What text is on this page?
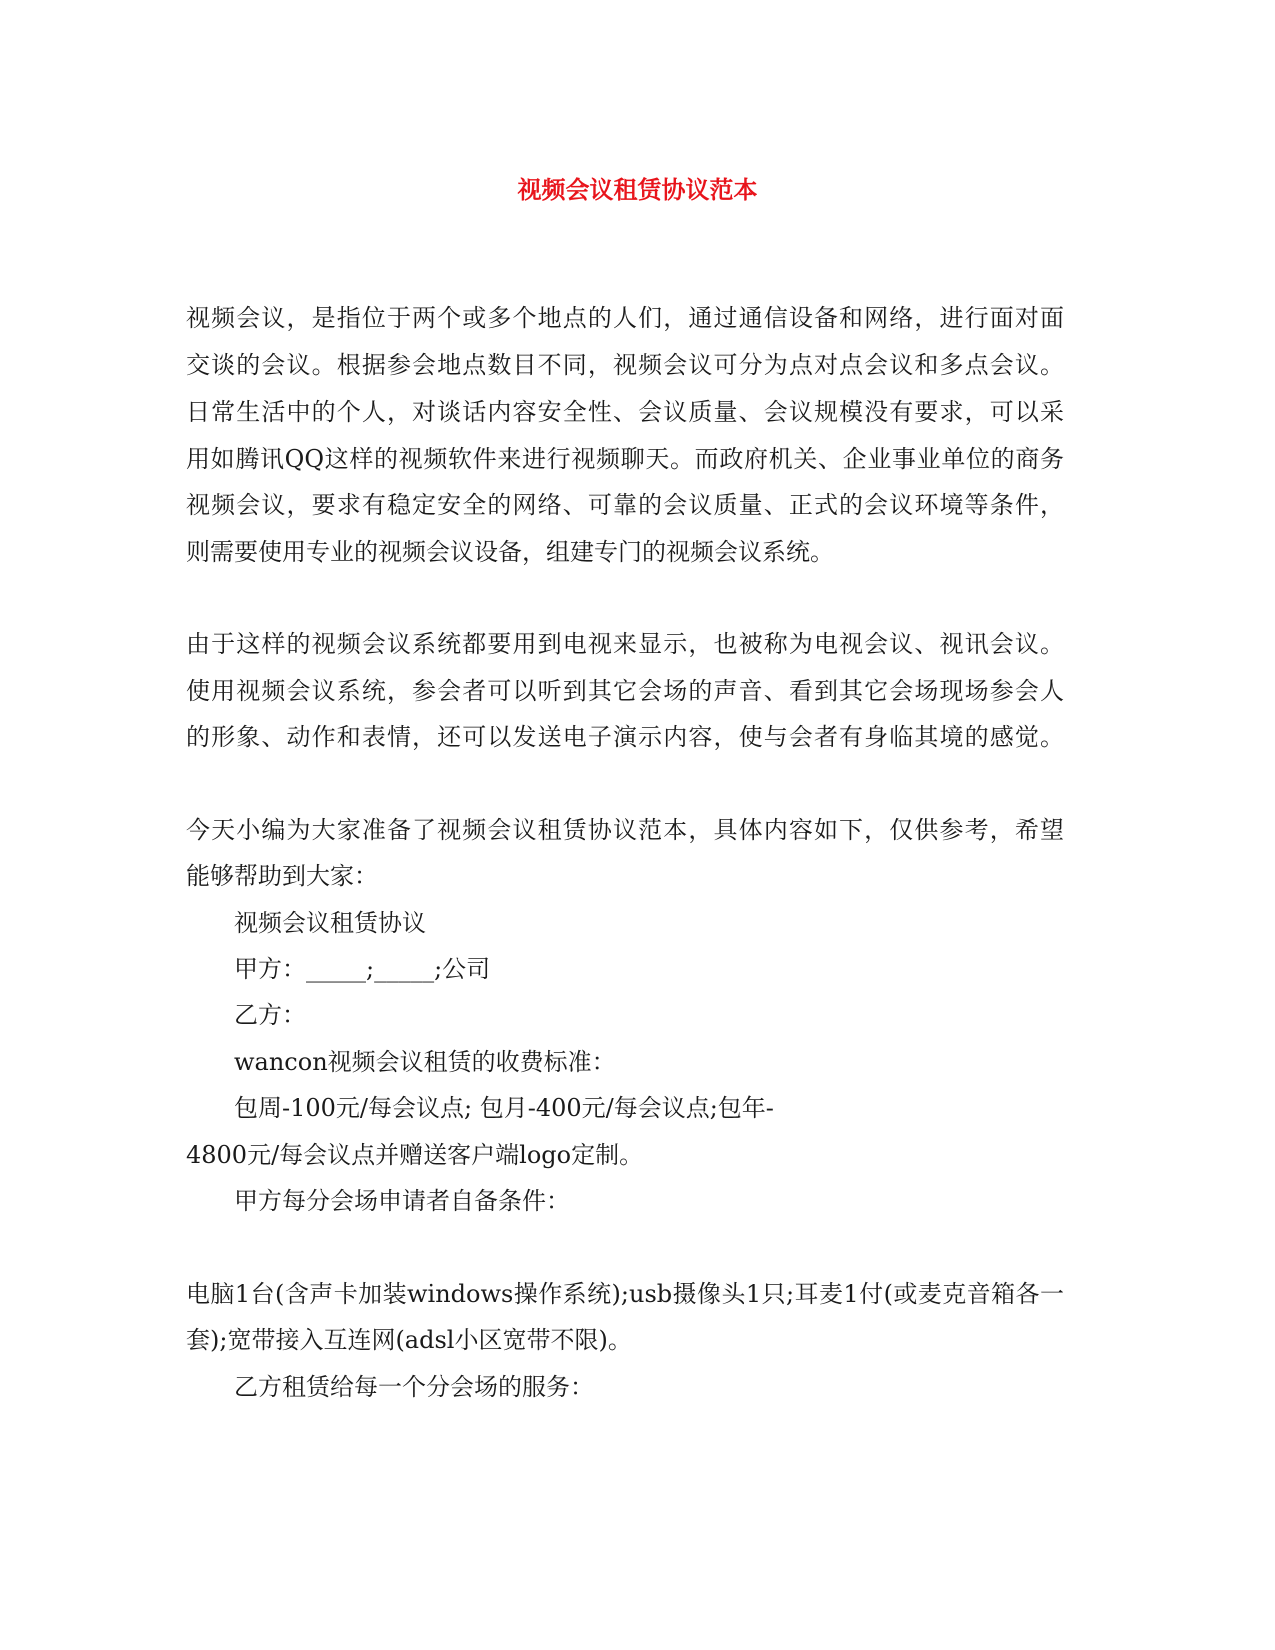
视频会议租赁协议范本
视频会议，是指位于两个或多个地点的人们，通过通信设备和网络，进行面对面
交谈的会议。根据参会地点数目不同，视频会议可分为点对点会议和多点会议。
日常生活中的个人，对谈话内容安全性、会议质量、会议规模没有要求，可以采
用如腾讯QQ这样的视频软件来进行视频聊天。而政府机关、企业事业单位的商务
视频会议，要求有稳定安全的网络、可靠的会议质量、正式的会议环境等条件，
则需要使用专业的视频会议设备，组建专门的视频会议系统。
由于这样的视频会议系统都要用到电视来显示，也被称为电视会议、视讯会议。
使用视频会议系统，参会者可以听到其它会场的声音、看到其它会场现场参会人
的形象、动作和表情，还可以发送电子演示内容，使与会者有身临其境的感觉。
今天小编为大家准备了视频会议租赁协议范本，具体内容如下，仅供参考，希望
能够帮助到大家：
视频会议租赁协议
甲方：_____;_____;公司
乙方：
wancon视频会议租赁的收费标准：
包周-100元/每会议点; 包月-400元/每会议点;包年-
4800元/每会议点并赠送客户端logo定制。
甲方每分会场申请者自备条件：
电脑1台(含声卡加装windows操作系统);usb摄像头1只;耳麦1付(或麦克音箱各一
套);宽带接入互连网(adsl小区宽带不限)。
乙方租赁给每一个分会场的服务：
